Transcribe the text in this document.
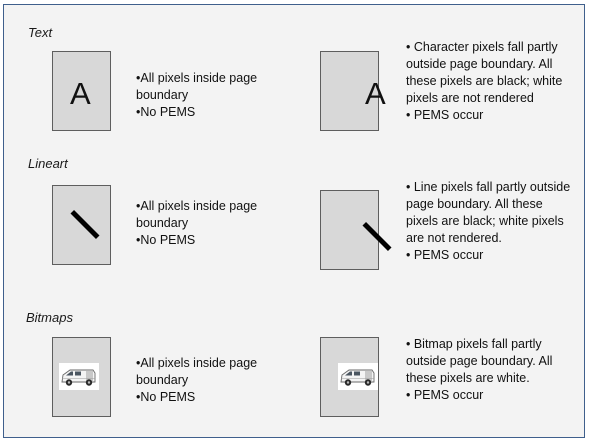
Text
A	•All pixels inside page boundary
•No PEMS
A
• Character pixels fall partly outside page boundary. All these pixels are black; white pixels are not rendered
• PEMS occur
Lineart
•All pixels inside page boundary
•No PEMS
• Line pixels fall partly outside page boundary. All these pixels are black; white pixels are not rendered.
• PEMS occur
Bitmaps
•All pixels inside page boundary
•No PEMS
• Bitmap pixels fall partly outside page boundary. All these pixels are white.
• PEMS occur
